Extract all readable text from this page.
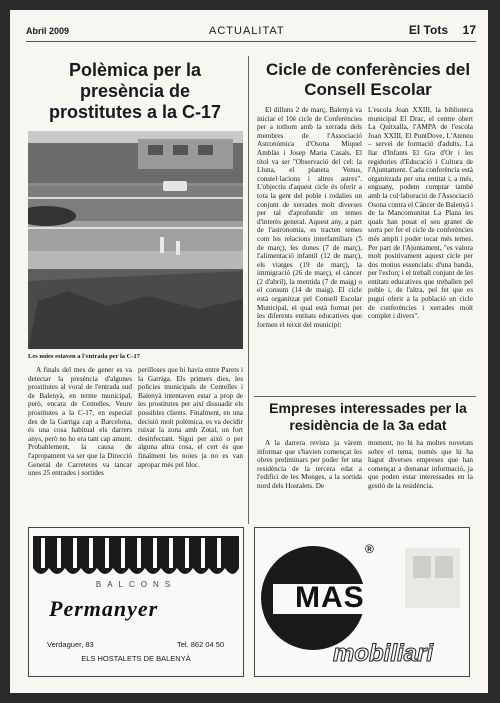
Abril 2009	ACTUALITAT	El Tots 17
Polèmica per la presència de prostitutes a la C-17
Les noies estaven a l'entrada per la C-17

A finals del mes de gener es va detectar la presència d'algunes prostitutes al voral de l'entrada sud de Balenyà, en terme municipal, però, encara de Centelles. Veure prostitutes a la C-17, en especial des de la Garriga cap a Barcelona, és una cosa habitual els darrers anys, però no ho era tant cap amunt. Probablement, la causa de l'apropament va ser que la Direcció General de Carreteres va tancar unes 25 entrades i sortides

perilloses que hi havia entre Parets i la Garriga. Els primers dies, les policies municipals de Centelles i Balenyà intentaven estar a prop de les prostitutes per així dissuadir els possibles clients. Finalment, en una decisió molt polèmica, es va decidir ruixar la zona amb Zotal, un fort desinfectant. Sigui per això o per alguna altra cosa, el cert és que finalment les noies ja no es van apropar més pel bloc.

Cicle de conferències del Consell Escolar

El dilluns 2 de març, Balenyà va iniciar el 10è cicle de Conferències per a tothom amb la xerrada dels membres de l'Associació Astronòmica d'Osona Miquel Amblàs i Josep Maria Casals. El títol va ser "Observació del cel: la Lluna, el planeta Venus, constel·lacions i altres astres". L'objectiu d'aquest cicle és oferir a tota la gent del poble i rodalies un conjunt de xerrades molt diverses per tal d'aprofundir en temes d'interès general. Aquest any, a part de l'astronomia, es tracten temes com les relacions interfamiliars (5 de març), les dones (7 de març), l'alimentació infantil (12 de març), els viatges (19 de març), la immigració (26 de març), el càncer (2 d'abril), la mentida (7 de maig) o el consum (14 de maig). El cicle està organitzat pel Consell Escolar Municipal, el qual està format per les diferents entitats educatives que formen el teixit del municipi:

L'escola Joan XXIII, la biblioteca municipal El Drac, el centre obert La Quitxalla, l'AMPA de l'escola Joan XXIII, El PuntDove, L'Ateneu – servei de formació d'adults, La llar d'Infants El Gra d'Or i les regidories d'Educació i Cultura de l'Ajuntament. Cada conferència està organitzada per una entitat i, a més, enguany, podem comptar també amb la col·laboració de l'Associació Osona contra el Càncer de Balenyà i de la Mancomunitat La Plana les quals han posat el seu granet de sorra per fer el cicle de conferències més ampli i poder tocar més temes. Per part de l'Ajuntament, "es valora molt positivament aquest cicle per dos motius essencials: d'una banda, per l'esforç i el treball conjunt de les entitats educatives que treballen pel poble i, de l'altra, pel fet que es pugui oferir a la població un cicle de conferències i xerrades molt complet i divers".

Empreses interessades per la residència de la 3a edat

A la darrera revista ja vàrem informar que s'havien començat les obres preliminars per poder fer una residència de la tercera edat a l'edifici de les Monges, a la sortida nord dels Hostalets. De

moment, no hi ha moltes novetats sobre el tema, només que hi ha hagut diverses empreses que han començat a demanar informació, ja que poden estar interessades en la gestió de la residència.

BALCONS
Permanyer
Verdaguer, 83	Tel. 862 04 50
ELS HOSTALETS DE BALENYÀ
®
MAS
mobiliari
